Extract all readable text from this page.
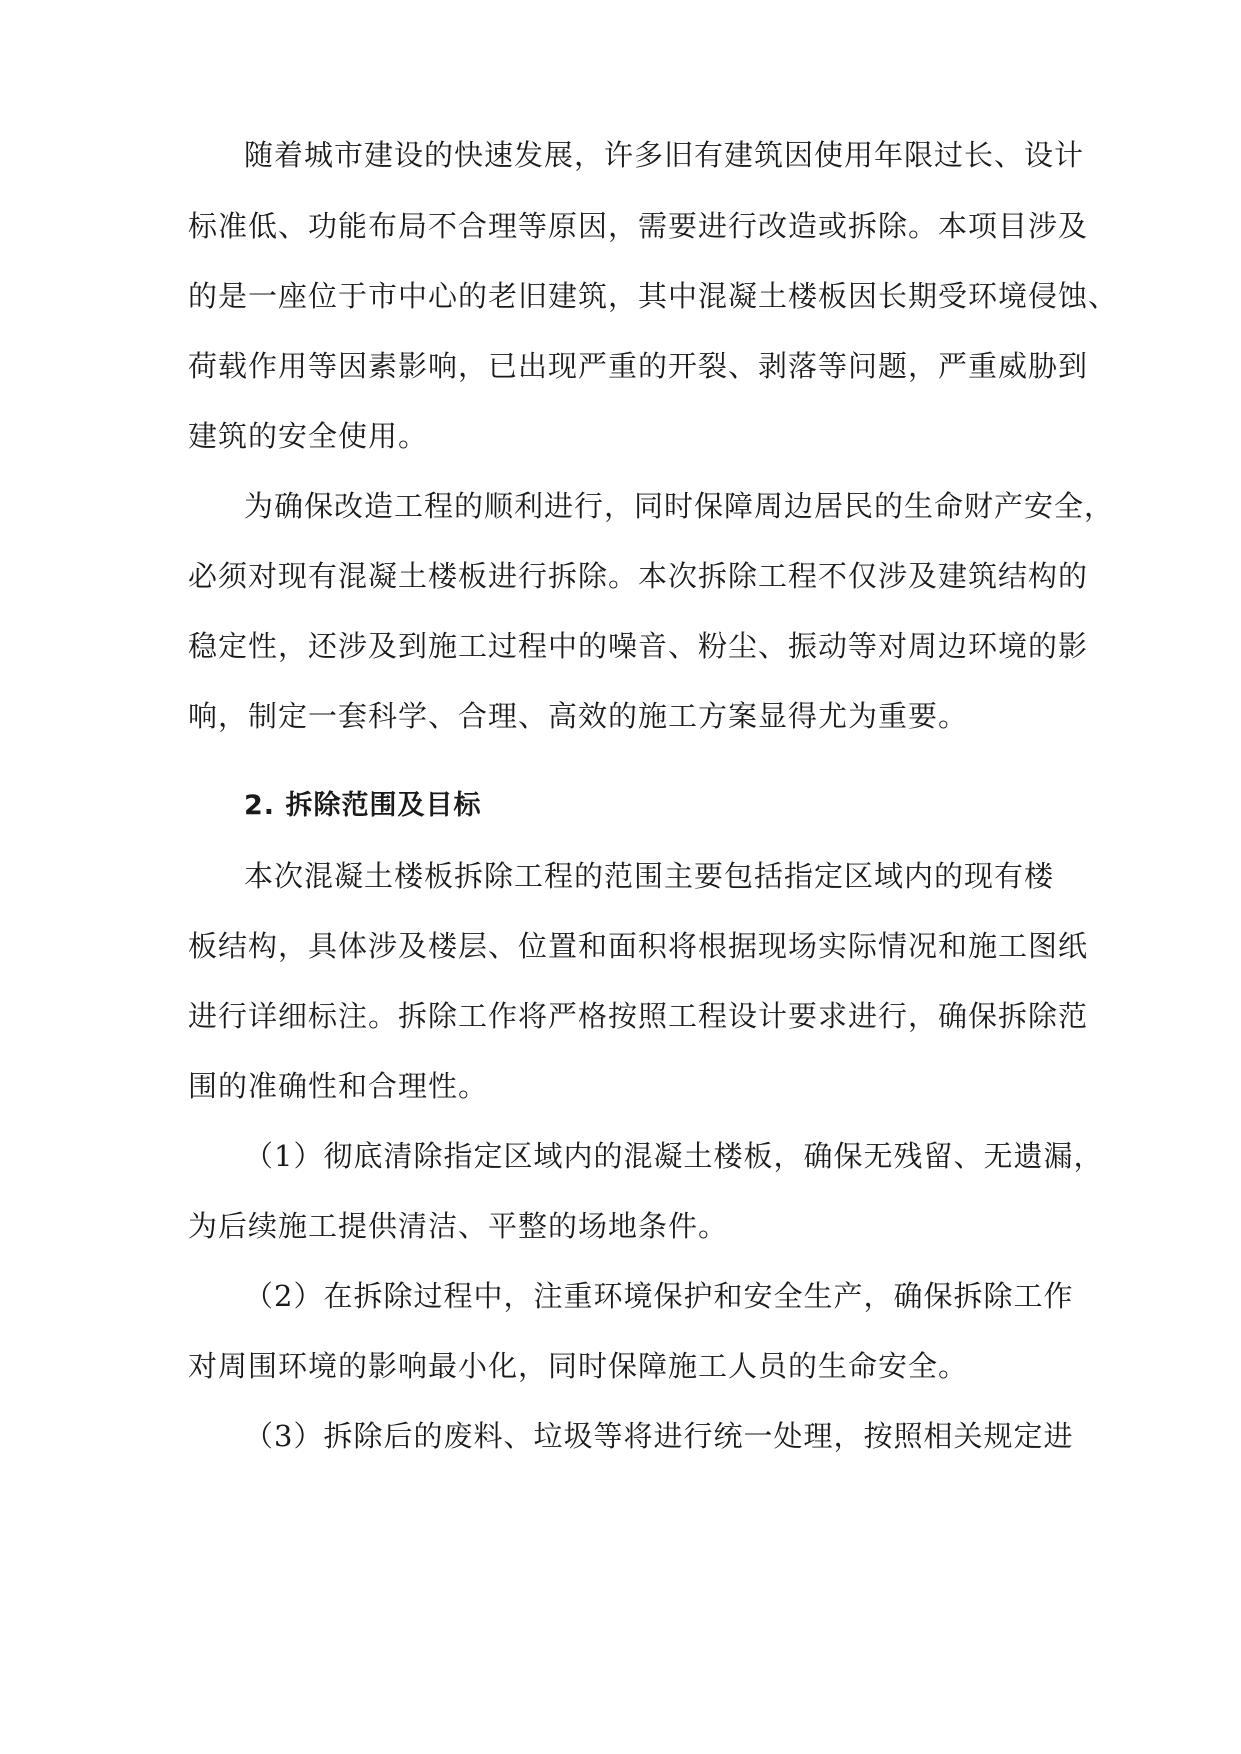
随着城市建设的快速发展，许多旧有建筑因使用年限过长、设计
标准低、功能布局不合理等原因，需要进行改造或拆除。本项目涉及
的是一座位于市中心的老旧建筑，其中混凝土楼板因长期受环境侵蚀、
荷载作用等因素影响，已出现严重的开裂、剥落等问题，严重威胁到
建筑的安全使用。
为确保改造工程的顺利进行，同时保障周边居民的生命财产安全，
必须对现有混凝土楼板进行拆除。本次拆除工程不仅涉及建筑结构的
稳定性，还涉及到施工过程中的噪音、粉尘、振动等对周边环境的影
响，制定一套科学、合理、高效的施工方案显得尤为重要。
2. 拆除范围及目标
本次混凝土楼板拆除工程的范围主要包括指定区域内的现有楼
板结构，具体涉及楼层、位置和面积将根据现场实际情况和施工图纸
进行详细标注。拆除工作将严格按照工程设计要求进行，确保拆除范
围的准确性和合理性。
（1）彻底清除指定区域内的混凝土楼板，确保无残留、无遗漏，
为后续施工提供清洁、平整的场地条件。
（2）在拆除过程中，注重环境保护和安全生产，确保拆除工作
对周围环境的影响最小化，同时保障施工人员的生命安全。
（3）拆除后的废料、垃圾等将进行统一处理，按照相关规定进
